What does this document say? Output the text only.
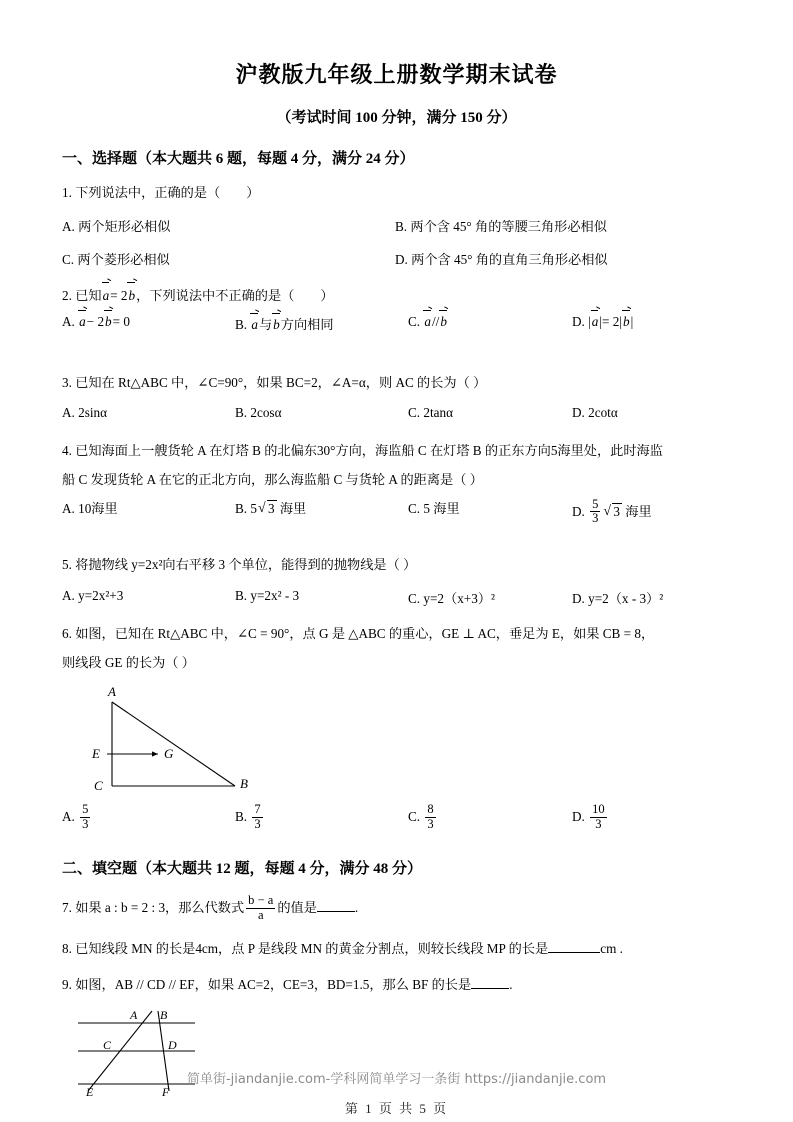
沪教版九年级上册数学期末试卷
（考试时间 100 分钟，满分 150 分）
一、选择题（本大题共 6 题，每题 4 分，满分 24 分）
1. 下列说法中，正确的是（ ）
A. 两个矩形必相似	B. 两个含 45° 角的等腰三角形必相似
C. 两个菱形必相似	D. 两个含 45° 角的直角三角形必相似
2. 已知a= 2b，下列说法中不正确的是（ ）
A. a− 2b= 0	B. a与b方向相同	C. a//b	D. |a|= 2|b|
3. 已知在 Rt△ABC 中，∠C=90°，如果 BC=2，∠A=α，则 AC 的长为（ ）
A. 2sinα	B. 2cosα	C. 2tanα	D. 2cotα
4. 已知海面上一艘货轮 A 在灯塔 B 的北偏东30°方向，海监船 C 在灯塔 B 的正东方向5海里处，此时海监
船 C 发现货轮 A 在它的正北方向，那么海监船 C 与货轮 A 的距离是（ ）
A. 10海里	B. 5 √ 3 海里	C. 5 海里	D. $\frac{5}{3}$ √ 3 海里
5. 将抛物线 y=2x²向右平移 3 个单位，能得到的抛物线是（ ）
A. y=2x²+3	B. y=2x² - 3	C. y=2（x+3）²	D. y=2（x - 3）²
6. 如图，已知在 Rt△ABC 中，∠C = 90°，点 G 是 △ABC 的重心，GE ⊥ AC，垂足为 E，如果 CB = 8，
则线段 GE 的长为（ ）
A
E	G
C	B
A. $\frac{5}{3}$	B. $\frac{7}{3}$	C. $\frac{8}{3}$	D. $\frac{10}{3}$
二、填空题（本大题共 12 题，每题 4 分，满分 48 分）
7. 如果 a : b = 2 : 3，那么代数式 $\frac{b - a}{a}$ 的值是	.
8. 已知线段 MN 的长是4cm，点 P 是线段 MN 的黄金分割点，则较长线段 MP 的长是	cm .
9. 如图，AB // CD // EF，如果 AC=2，CE=3，BD=1.5，那么 BF 的长是	.
A B
C	D
E	F
简单街-jiandanjie.com-学科网简单学习一条街 https://jiandanjie.com
第 1 页 共 5 页
